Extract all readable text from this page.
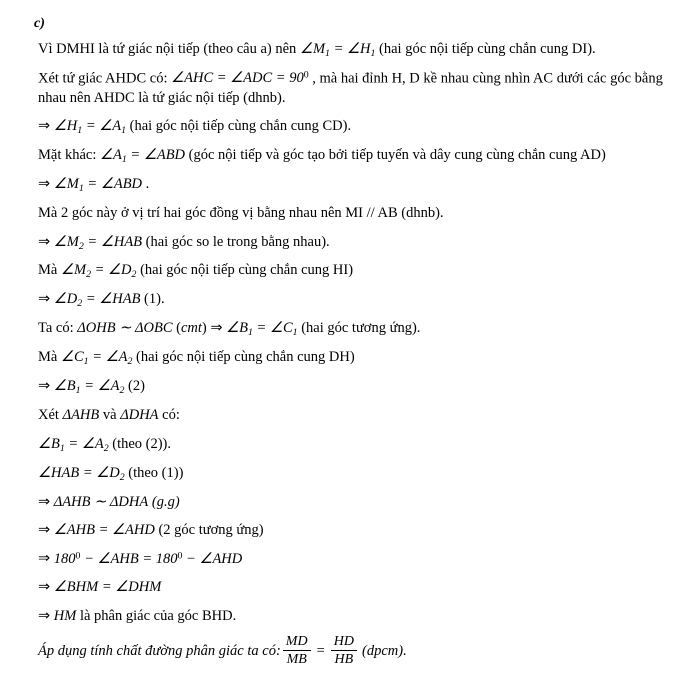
c)
Vì DMHI là tứ giác nội tiếp (theo câu a) nên $\angle M_1$ = $\angle H_1$ (hai góc nội tiếp cùng chắn cung DI).
Xét tứ giác AHDC có: ∠AHC = ∠ADC = $90^0$ , mà hai đỉnh H, D kề nhau cùng nhìn AC dưới các góc bằng nhau nên AHDC là tứ giác nội tiếp (dhnb).
⇒ $\angle H_1$ = $\angle A_1$ (hai góc nội tiếp cùng chắn cung CD).
Mặt khác: $\angle A_1$ = ∠ABD (góc nội tiếp và góc tạo bởi tiếp tuyến và dây cung cùng chắn cung AD)
⇒ $\angle M_1$ = ∠ABD .
Mà 2 góc này ở vị trí hai góc đồng vị bằng nhau nên MI // AB (dhnb).
⇒ $\angle M_2$ = ∠HAB (hai góc so le trong bằng nhau).
Mà $\angle M_2$ = $\angle D_2$ (hai góc nội tiếp cùng chắn cung HI)
⇒ $\angle D_2$ = ∠HAB (1).
Ta có: ΔOHB ∼ ΔOBC (cmt) ⇒ $\angle B_1$ = $\angle C_1$ (hai góc tương ứng).
Mà $\angle C_1$ = $\angle A_2$ (hai góc nội tiếp cùng chắn cung DH)
⇒ $\angle B_1$ = $\angle A_2$ (2)
Xét ΔAHB và ΔDHA có:
$\angle B_1$ = $\angle A_2$ (theo (2)).
∠HAB = $\angle D_2$ (theo (1))
⇒ ΔAHB ∼ ΔDHA (g.g)
⇒ ∠AHB = ∠AHD (2 góc tương ứng)
⇒ $180^0$ − ∠AHB = $180^0$ − ∠AHD
⇒ ∠BHM = ∠DHM
⇒ HM là phân giác của góc BHD.
Áp dụng tính chất đường phân giác ta có: $\frac{MD}{MB} = \frac{HD}{HB}$ (dpcm).
